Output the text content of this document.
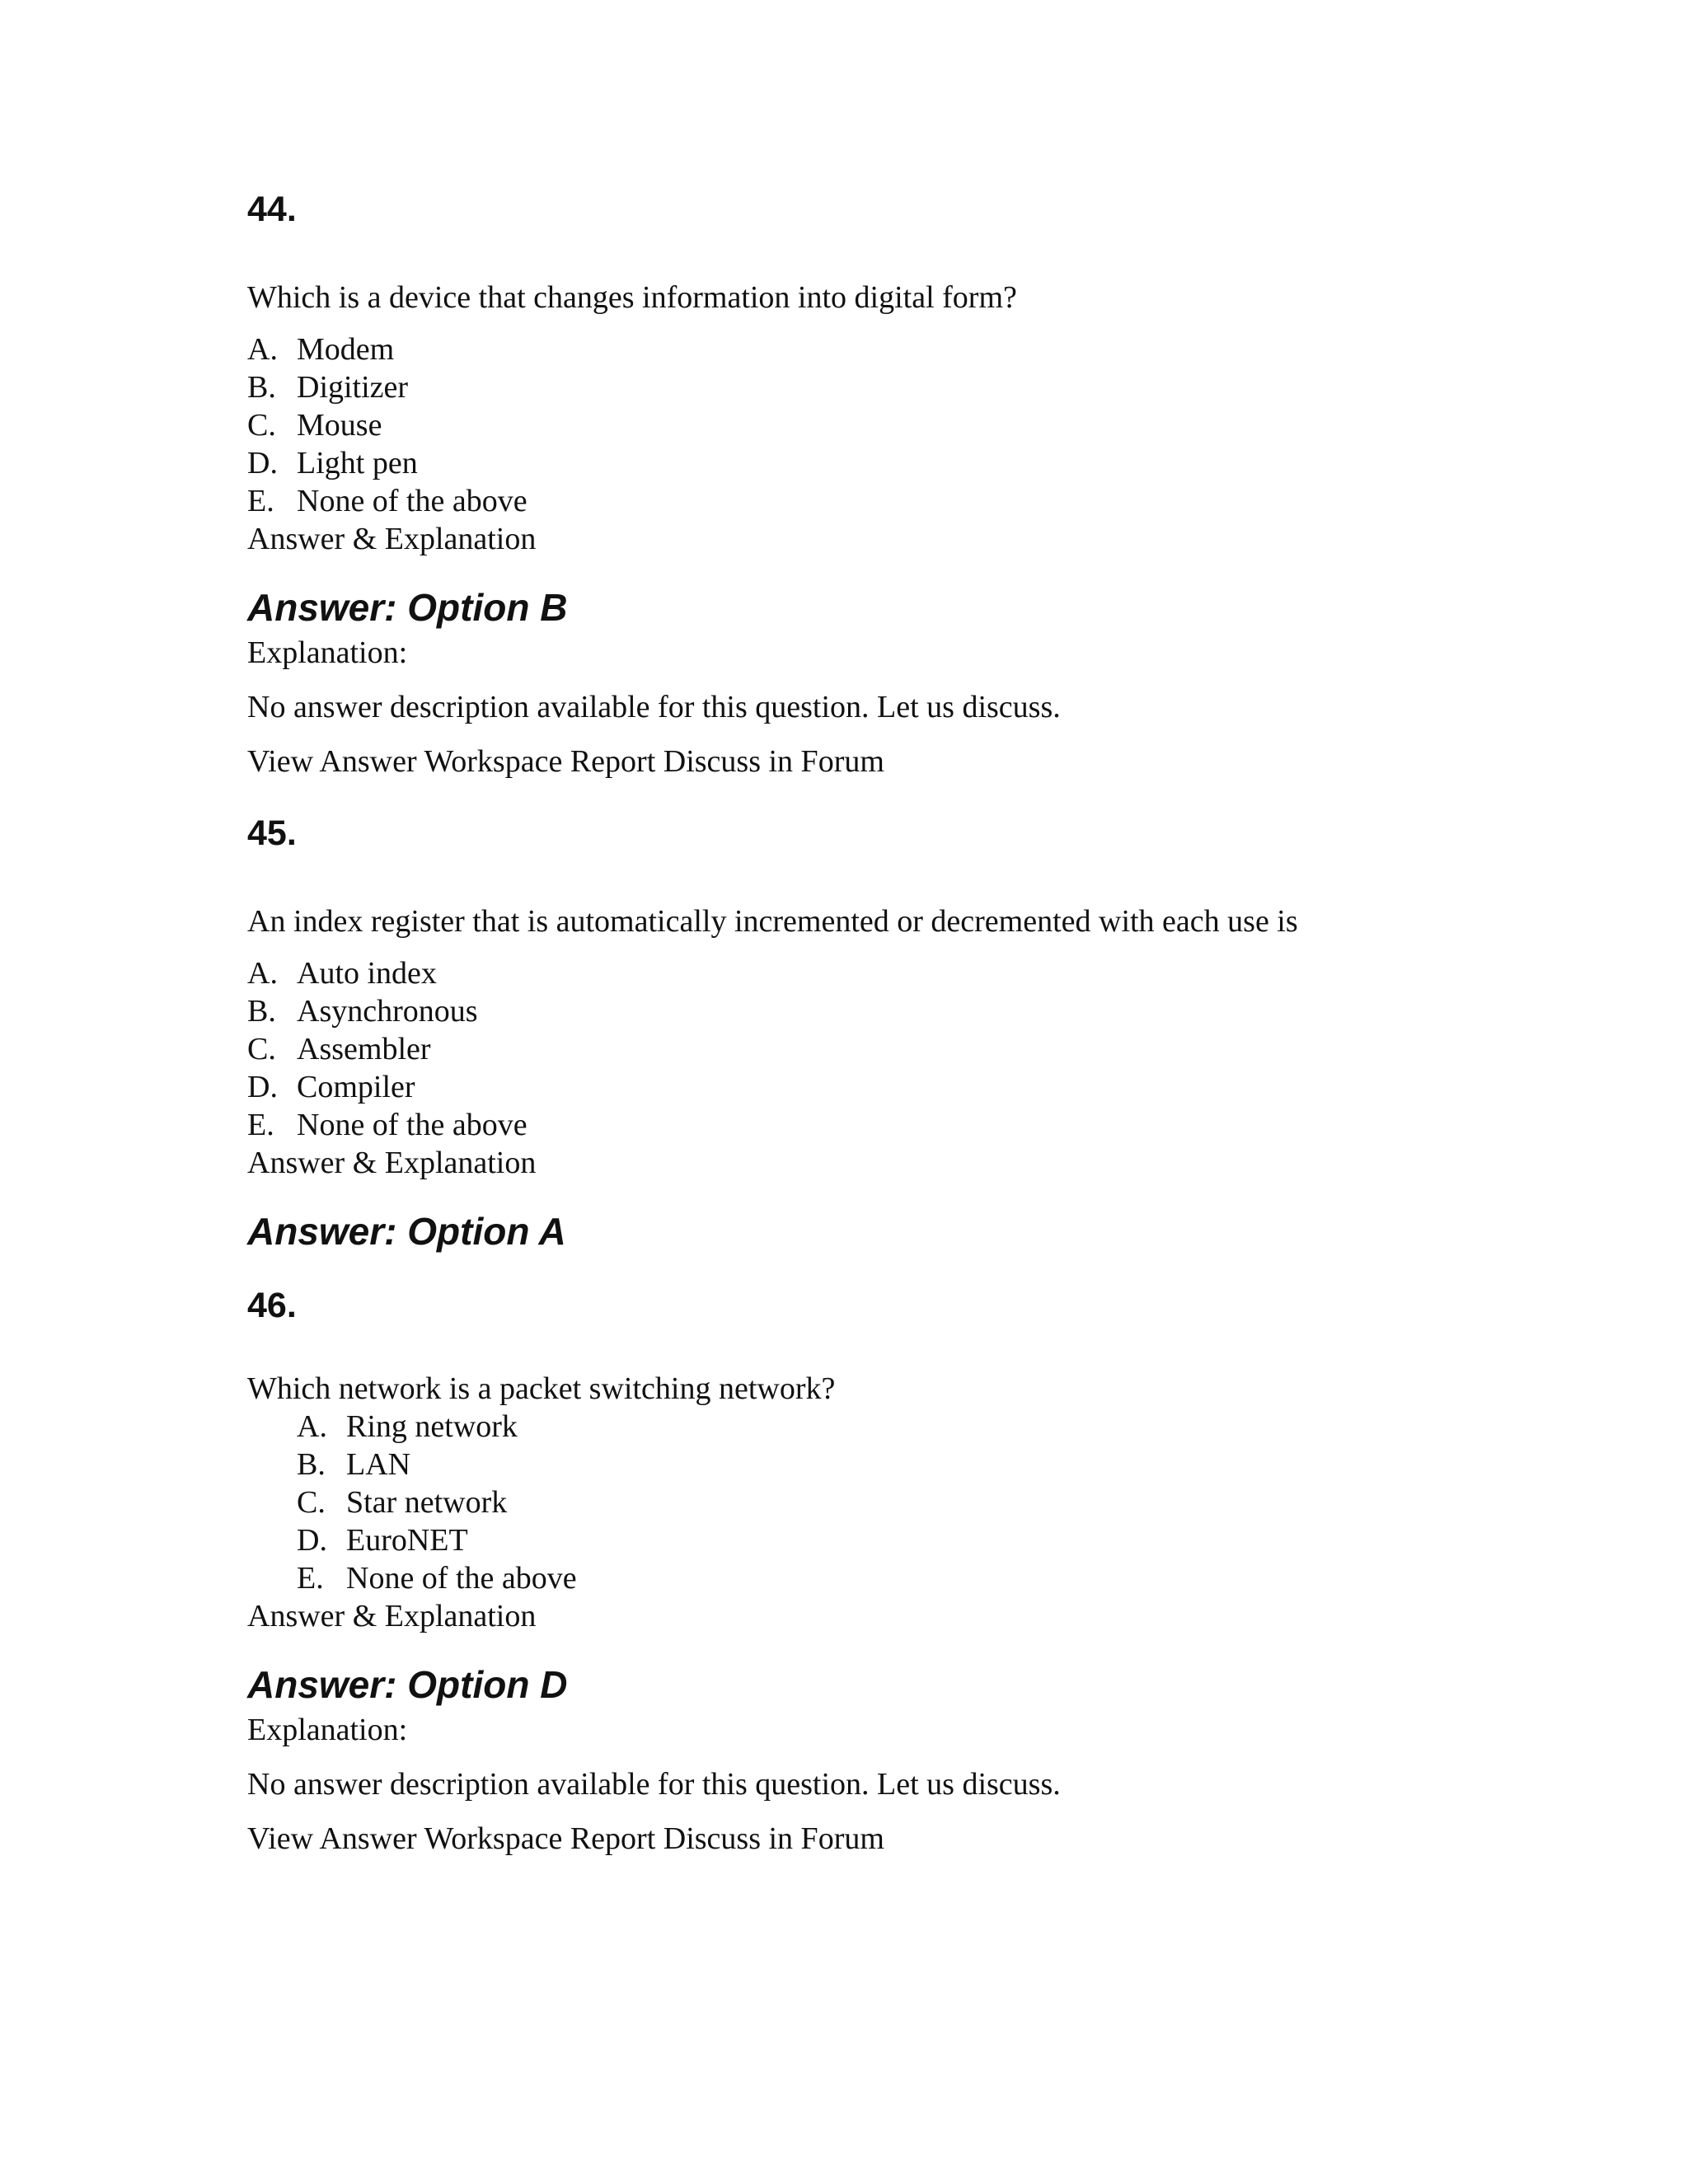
44.

Which is a device that changes information into digital form?

A. Modem
B. Digitizer
C. Mouse
D. Light pen
E. None of the above

Answer & Explanation

Answer: Option B

Explanation:

No answer description available for this question. Let us discuss.

View Answer Workspace Report Discuss in Forum

45.

An index register that is automatically incremented or decremented with each use is

A. Auto index
B. Asynchronous
C. Assembler
D. Compiler
E. None of the above

Answer & Explanation

Answer: Option A

46.

Which network is a packet switching network?

A. Ring network
B. LAN
C. Star network
D. EuroNET
E. None of the above

Answer & Explanation

Answer: Option D

Explanation:

No answer description available for this question. Let us discuss.

View Answer Workspace Report Discuss in Forum
